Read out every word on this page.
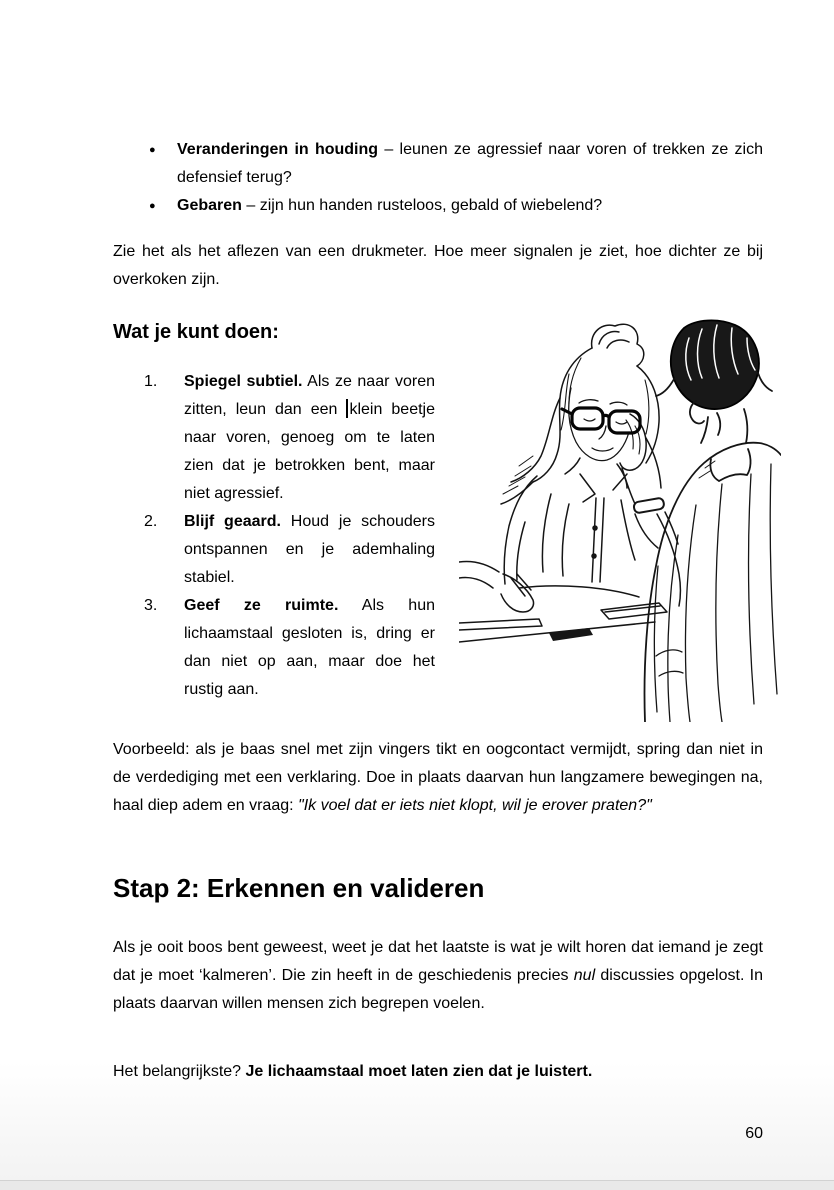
● Veranderingen in houding – leunen ze agressief naar voren of trekken ze zich defensief terug?
● Gebaren – zijn hun handen rusteloos, gebald of wiebelend?

Zie het als het aflezen van een drukmeter. Hoe meer signalen je ziet, hoe dichter ze bij overkoken zijn.

Wat je kunt doen:
1. Spiegel subtiel. Als ze naar voren zitten, leun dan een klein beetje naar voren, genoeg om te laten zien dat je betrokken bent, maar niet agressief.
2. Blijf geaard. Houd je schouders ontspannen en je ademhaling stabiel.
3. Geef ze ruimte. Als hun lichaamstaal gesloten is, dring er dan niet op aan, maar doe het rustig aan.

Voorbeeld: als je baas snel met zijn vingers tikt en oogcontact vermijdt, spring dan niet in de verdediging met een verklaring. Doe in plaats daarvan hun langzamere bewegingen na, haal diep adem en vraag: "Ik voel dat er iets niet klopt, wil je erover praten?"

Stap 2: Erkennen en valideren

Als je ooit boos bent geweest, weet je dat het laatste is wat je wilt horen dat iemand je zegt dat je moet ‘kalmeren’. Die zin heeft in de geschiedenis precies nul discussies opgelost. In plaats daarvan willen mensen zich begrepen voelen.

Het belangrijkste? Je lichaamstaal moet laten zien dat je luistert.

60
